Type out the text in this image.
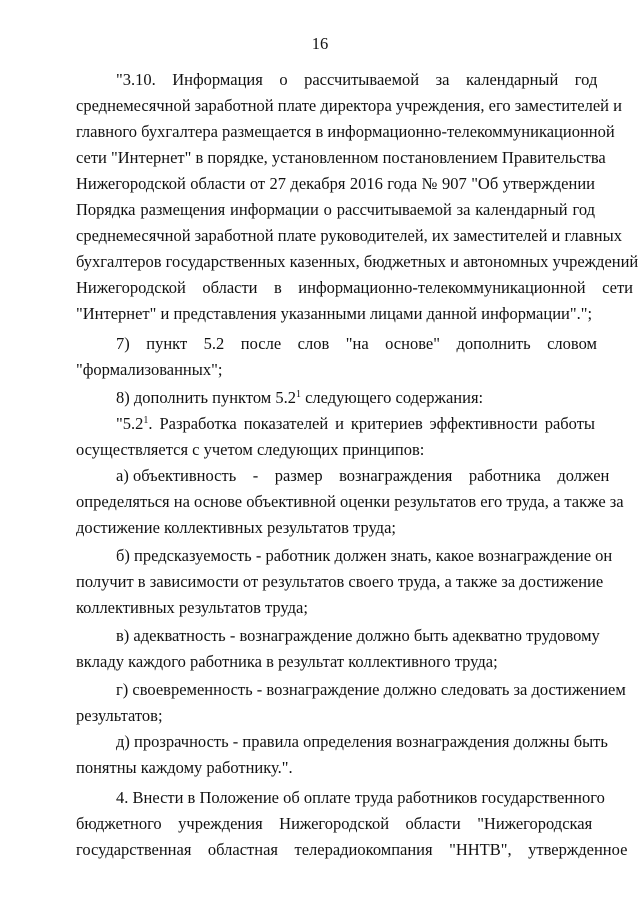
16
"3.10. Информация о рассчитываемой за календарный год
среднемесячной заработной плате директора учреждения, его заместителей и
главного бухгалтера размещается в информационно-телекоммуникационной
сети "Интернет" в порядке, установленном постановлением Правительства
Нижегородской области от 27 декабря 2016 года № 907 "Об утверждении
Порядка размещения информации о рассчитываемой за календарный год
среднемесячной заработной плате руководителей, их заместителей и главных
бухгалтеров государственных казенных, бюджетных и автономных учреждений
Нижегородской области в информационно-телекоммуникационной сети
"Интернет" и представления указанными лицами данной информации".";
7) пункт 5.2 после слов "на основе" дополнить словом
"формализованных";
8) дополнить пунктом $5.2^1$ следующего содержания:
"$5.2^1$. Разработка показателей и критериев эффективности работы
осуществляется с учетом следующих принципов:
а) объективность - размер вознаграждения работника должен
определяться на основе объективной оценки результатов его труда, а также за
достижение коллективных результатов труда;
б) предсказуемость - работник должен знать, какое вознаграждение он
получит в зависимости от результатов своего труда, а также за достижение
коллективных результатов труда;
в) адекватность - вознаграждение должно быть адекватно трудовому
вкладу каждого работника в результат коллективного труда;
г) своевременность - вознаграждение должно следовать за достижением
результатов;
д) прозрачность - правила определения вознаграждения должны быть
понятны каждому работнику.".
4. Внести в Положение об оплате труда работников государственного
бюджетного учреждения Нижегородской области "Нижегородская
государственная областная телерадиокомпания "ННТВ", утвержденное
